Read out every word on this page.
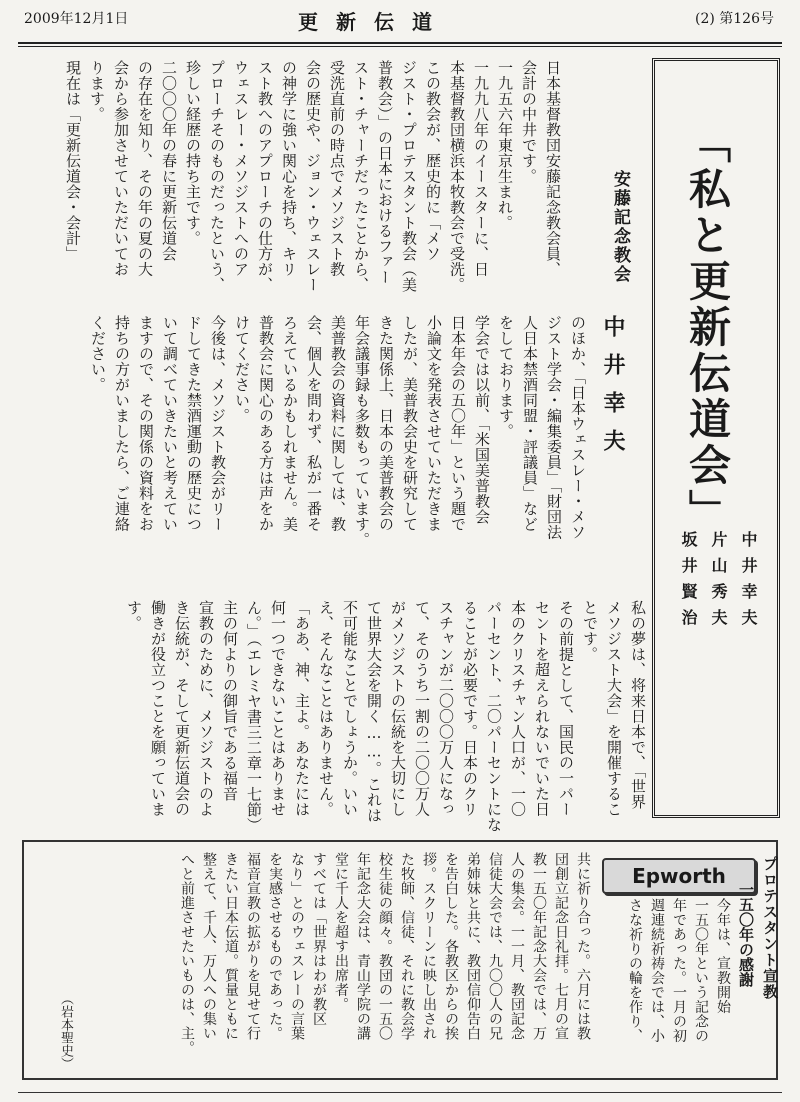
2009年12月1日	更新伝道	(2) 第126号
「私と更新伝道会」
中井幸夫
片山秀夫
坂井賢治
安藤記念教会
中井幸夫
日本基督教団安藤記念教会員、
会計の中井です。
一九五六年東京生まれ。
一九九八年のイースターに、日
本基督教団横浜本牧教会で受洗。
この教会が、歴史的に「メソ
ジスト・プロテスタント教会（美
普教会）」の日本におけるファー
スト・チャーチだったことから、
受洗直前の時点でメソジスト教
会の歴史や、ジョン・ウェスレー
の神学に強い関心を持ち、キリ
スト教へのアプローチの仕方が、
ウェスレー・メソジストへのア
プローチそのものだったという、
珍しい経歴の持ち主です。
二〇〇〇年の春に更新伝道会
の存在を知り、その年の夏の大
会から参加させていただいてお
ります。
現在は「更新伝道会・会計」
のほか、「日本ウェスレー・メソ
ジスト学会・編集委員」「財団法
人日本禁酒同盟・評議員」など
をしております。
学会では以前、「米国美普教会
日本年会の五〇年」という題で
小論文を発表させていただきま
したが、美普教会史を研究して
きた関係上、日本の美普教会の
年会議事録も多数もっています。
美普教会の資料に関しては、教
会、個人を問わず、私が一番そ
ろえているかもしれません。美
普教会に関心のある方は声をか
けてください。
今後は、メソジスト教会がリー
ドしてきた禁酒運動の歴史につ
いて調べていきたいと考えてい
ますので、その関係の資料をお
持ちの方がいましたら、ご連絡
ください。
私の夢は、将来日本で、「世界
メソジスト大会」を開催するこ
とです。
その前提として、国民の一パー
セントを超えられないでいた日
本のクリスチャン人口が、一〇
パーセント、二〇パーセントにな
ることが必要です。日本のクリ
スチャンが二〇〇〇万人になっ
て、そのうち一割の二〇〇万人
がメソジストの伝統を大切にし
て世界大会を開く……。これは
不可能なことでしょうか。いい
え、そんなことはありません。
「ああ、神、主よ。あなたには
何一つできないことはありませ
ん。」（エレミヤ書三二章一七節）
主の何よりの御旨である福音
宣教のために、メソジストのよ
き伝統が、そして更新伝道会の
働きが役立つことを願っていま
す。
Epworth	プロテスタント宣教
一五〇年の感謝
今年は、宣教開始
一五〇年という記念の
年であった。一月の初
週連続祈祷会では、小
さな祈りの輪を作り、
共に祈り合った。六月には教
団創立記念日礼拝。七月の宣
教一五〇年記念大会では、万
人の集会。一一月、教団記念
信徒大会では、九〇〇人の兄
弟姉妹と共に、教団信仰告白
を告白した。各教区からの挨
拶。スクリーンに映し出され
た牧師、信徒、それに教会学
校生徒の顔々。教団の一五〇
年記念大会は、青山学院の講
堂に千人を超す出席者。
すべては「世界はわが教区
なり」とのウェスレーの言葉
を実感させるものであった。
福音宣教の拡がりを見せて行
きたい日本伝道。質量ともに
整えて、千人、万人への集い
へと前進させたいものは、主。
（岩本聖史）
